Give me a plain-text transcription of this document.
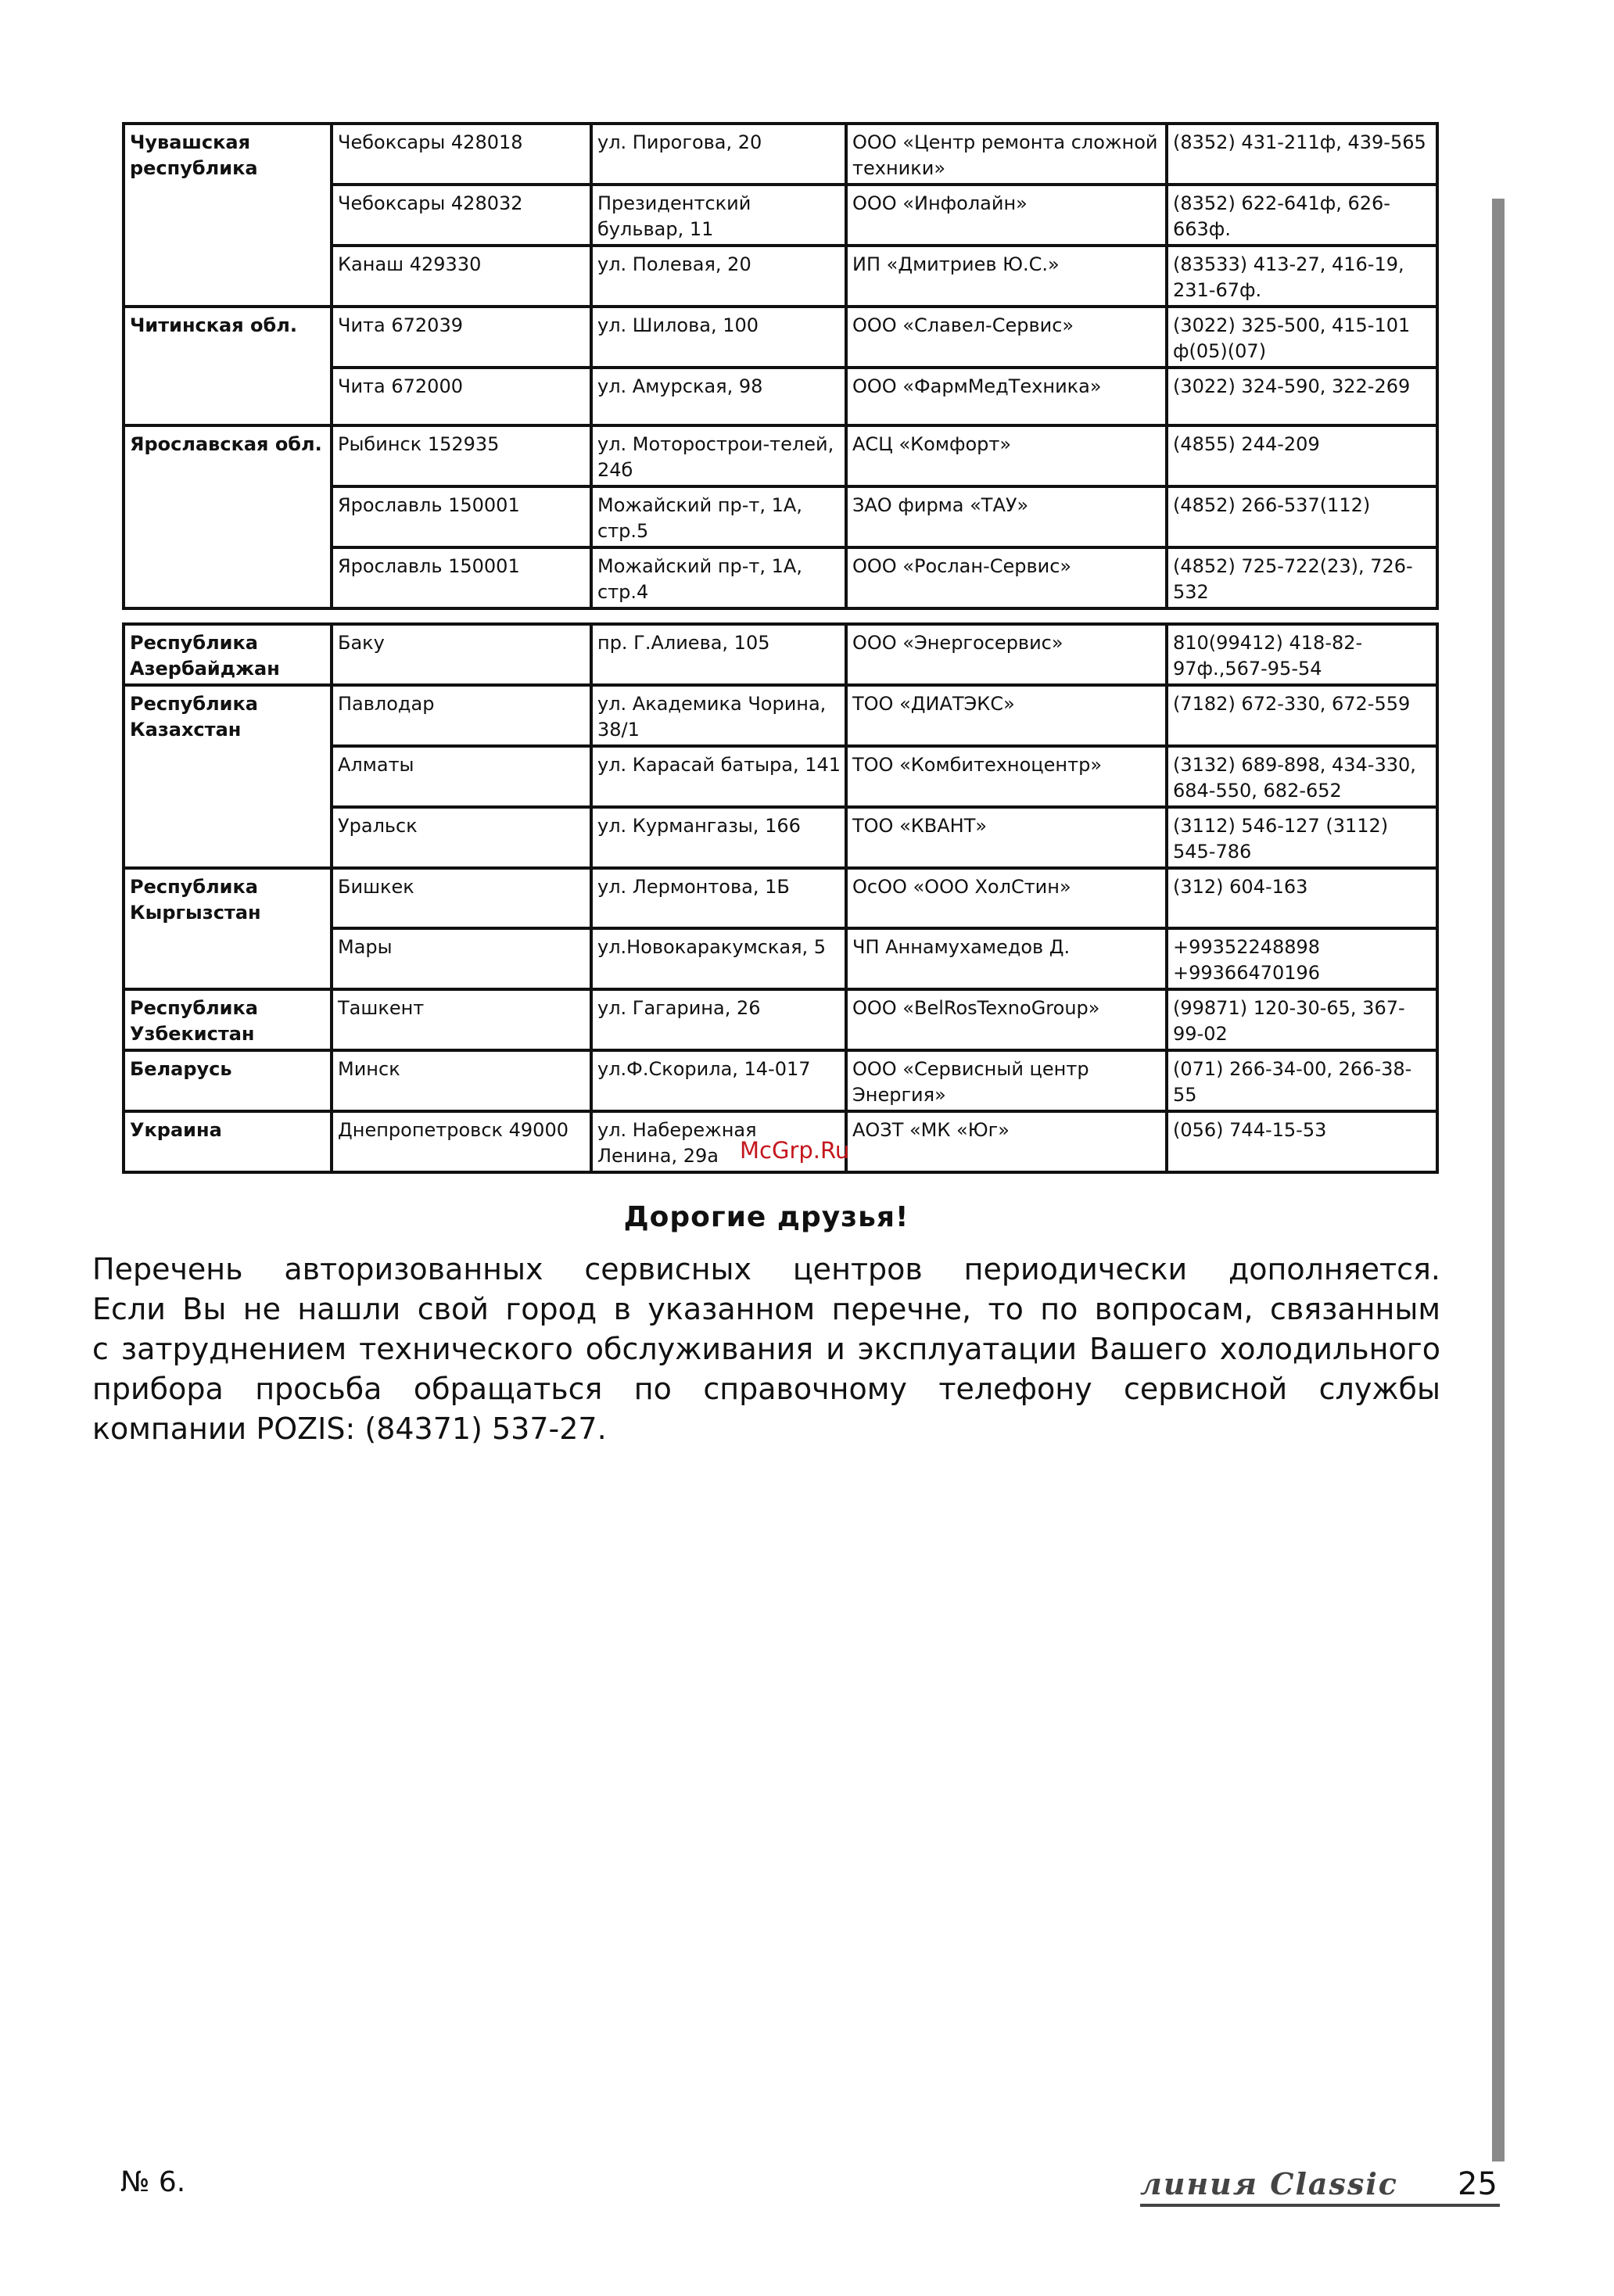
Чувашская республика	Чебоксары 428018	ул. Пирогова, 20	ООО «Центр ремонта сложной техники»	(8352) 431-211ф, 439-565
	Чебоксары 428032	Президентский бульвар, 11	ООО «Инфолайн»	(8352) 622-641ф, 626-663ф.
	Канаш 429330	ул. Полевая, 20	ИП «Дмитриев Ю.С.»	(83533) 413-27, 416-19, 231-67ф.
Читинская обл.	Чита 672039	ул. Шилова, 100	ООО «Славел-Сервис»	(3022) 325-500, 415-101 ф(05)(07)
	Чита 672000	ул. Амурская, 98	ООО «ФармМедТехника»	(3022) 324-590, 322-269
Ярославская обл.	Рыбинск 152935	ул. Моторострои-телей, 24б	АСЦ «Комфорт»	(4855) 244-209
	Ярославль 150001	Можайский пр-т, 1А, стр.5	ЗАО фирма «ТАУ»	(4852) 266-537(112)
	Ярославль 150001	Можайский пр-т, 1А, стр.4	ООО «Рослан-Сервис»	(4852) 725-722(23), 726-532
Республика Азербайджан	Баку	пр. Г.Алиева, 105	ООО «Энергосервис»	810(99412) 418-82-97ф.,567-95-54
Республика Казахстан	Павлодар	ул. Академика Чорина, 38/1	ТОО «ДИАТЭКС»	(7182) 672-330, 672-559
	Алматы	ул. Карасай батыра, 141	ТОО «Комбитехноцентр»	(3132) 689-898, 434-330, 684-550, 682-652
	Уральск	ул. Курмангазы, 166	ТОО «КВАНТ»	(3112) 546-127 (3112) 545-786
Республика Кыргызстан	Бишкек	ул. Лермонтова, 1Б	ОсОО «ООО ХолСтин»	(312) 604-163
	Мары	ул.Новокаракумская, 5	ЧП Аннамухамедов Д.	+99352248898 +99366470196
Республика Узбекистан	Ташкент	ул. Гагарина, 26	ООО «BelRosTexnoGroup»	(99871) 120-30-65, 367-99-02
Беларусь	Минск	ул.Ф.Скорила, 14-017	ООО «Сервисный центр Энергия»	(071) 266-34-00, 266-38-55
Украина	Днепропетровск 49000	ул. Набережная Ленина, 29а	АОЗТ «МК «Юг»	(056) 744-15-53
McGrp.Ru
Дорогие друзья!
Перечень авторизованных сервисных центров периодически дополняется.
Если Вы не нашли свой город в указанном перечне, то по вопросам, связанным
с затруднением технического обслуживания и эксплуатации Вашего холодильного
прибора просьба обращаться по справочному телефону сервисной службы
компании POZIS: (84371) 537-27.
№ 6.	линия Classic 25
